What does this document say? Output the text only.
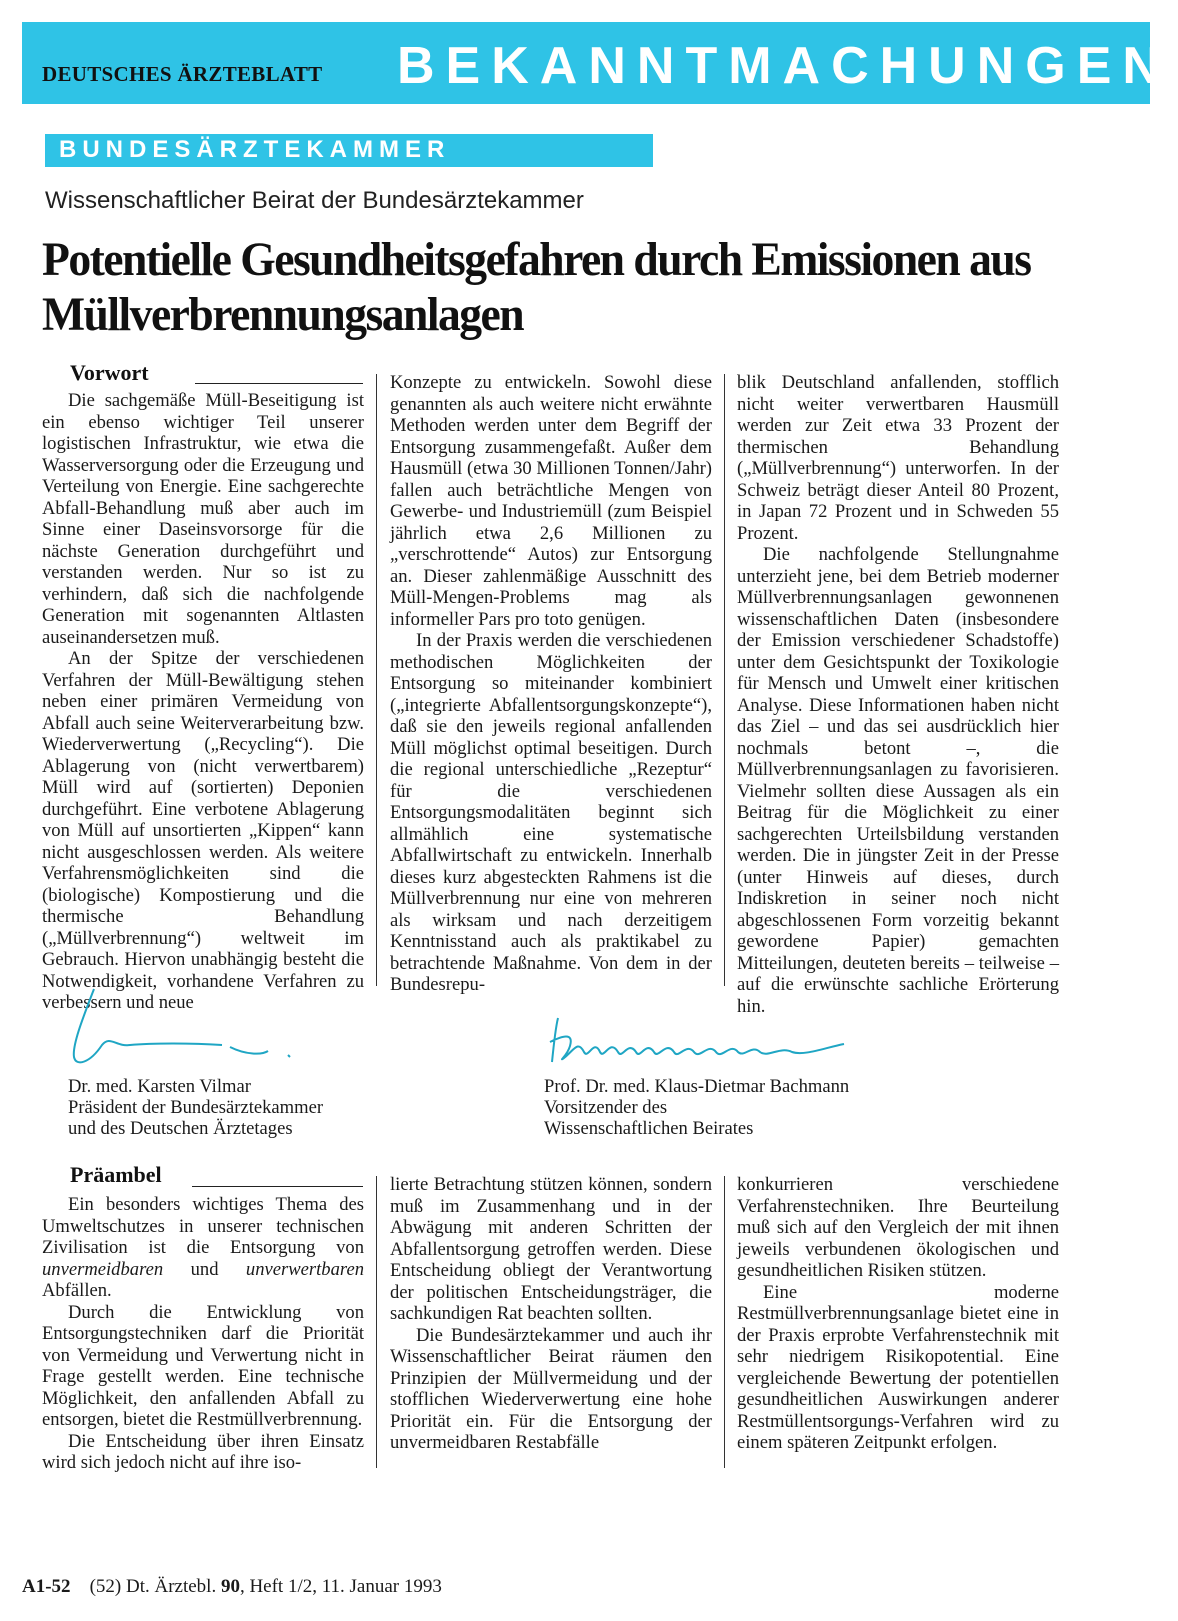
DEUTSCHES ÄRZTEBLATT BEKANNTMACHUNGEN
BUNDESÄRZTEKAMMER
Wissenschaftlicher Beirat der Bundesärztekammer
Potentielle Gesundheitsgefahren durch Emissionen aus Müllverbrennungsanlagen
Vorwort

Die sachgemäße Müll-Beseitigung ist ein ebenso wichtiger Teil unserer logistischen Infrastruktur, wie etwa die Wasserversorgung oder die Erzeugung und Verteilung von Energie. Eine sachgerechte Abfall-Behandlung muß aber auch im Sinne einer Daseinsvorsorge für die nächste Generation durchgeführt und verstanden werden. Nur so ist zu verhindern, daß sich die nachfolgende Generation mit sogenannten Altlasten auseinandersetzen muß.

An der Spitze der verschiedenen Verfahren der Müll-Bewältigung stehen neben einer primären Vermeidung von Abfall auch seine Weiterverarbeitung bzw. Wiederverwertung („Recycling“). Die Ablagerung von (nicht verwertbarem) Müll wird auf (sortierten) Deponien durchgeführt. Eine verbotene Ablagerung von Müll auf unsortierten „Kippen“ kann nicht ausgeschlossen werden. Als weitere Verfahrensmöglichkeiten sind die (biologische) Kompostierung und die thermische Behandlung („Müllverbrennung“) weltweit im Gebrauch. Hiervon unabhängig besteht die Notwendigkeit, vorhandene Verfahren zu verbessern und neue

Konzepte zu entwickeln. Sowohl diese genannten als auch weitere nicht erwähnte Methoden werden unter dem Begriff der Entsorgung zusammengefaßt. Außer dem Hausmüll (etwa 30 Millionen Tonnen/Jahr) fallen auch beträchtliche Mengen von Gewerbe- und Industriemüll (zum Beispiel jährlich etwa 2,6 Millionen zu „verschrottende“ Autos) zur Entsorgung an. Dieser zahlenmäßige Ausschnitt des Müll-Mengen-Problems mag als informeller Pars pro toto genügen.

In der Praxis werden die verschiedenen methodischen Möglichkeiten der Entsorgung so miteinander kombiniert („integrierte Abfallentsorgungskonzepte“), daß sie den jeweils regional anfallenden Müll möglichst optimal beseitigen. Durch die regional unterschiedliche „Rezeptur“ für die verschiedenen Entsorgungsmodalitäten beginnt sich allmählich eine systematische Abfallwirtschaft zu entwickeln. Innerhalb dieses kurz abgesteckten Rahmens ist die Müllverbrennung nur eine von mehreren als wirksam und nach derzeitigem Kenntnisstand auch als praktikabel zu betrachtende Maßnahme. Von dem in der Bundesrepu-

blik Deutschland anfallenden, stofflich nicht weiter verwertbaren Hausmüll werden zur Zeit etwa 33 Prozent der thermischen Behandlung („Müllverbrennung“) unterworfen. In der Schweiz beträgt dieser Anteil 80 Prozent, in Japan 72 Prozent und in Schweden 55 Prozent.

Die nachfolgende Stellungnahme unterzieht jene, bei dem Betrieb moderner Müllverbrennungsanlagen gewonnenen wissenschaftlichen Daten (insbesondere der Emission verschiedener Schadstoffe) unter dem Gesichtspunkt der Toxikologie für Mensch und Umwelt einer kritischen Analyse. Diese Informationen haben nicht das Ziel – und das sei ausdrücklich hier nochmals betont –, die Müllverbrennungsanlagen zu favorisieren. Vielmehr sollten diese Aussagen als ein Beitrag für die Möglichkeit zu einer sachgerechten Urteilsbildung verstanden werden. Die in jüngster Zeit in der Presse (unter Hinweis auf dieses, durch Indiskretion in seiner noch nicht abgeschlossenen Form vorzeitig bekannt gewordene Papier) gemachten Mitteilungen, deuteten bereits – teilweise – auf die erwünschte sachliche Erörterung hin.

Dr. med. Karsten Vilmar
Präsident der Bundesärztekammer
und des Deutschen Ärztetages
Prof. Dr. med. Klaus-Dietmar Bachmann
Vorsitzender des
Wissenschaftlichen Beirates
Präambel

Ein besonders wichtiges Thema des Umweltschutzes in unserer technischen Zivilisation ist die Entsorgung von unvermeidbaren und unverwertbaren Abfällen.

Durch die Entwicklung von Entsorgungstechniken darf die Priorität von Vermeidung und Verwertung nicht in Frage gestellt werden. Eine technische Möglichkeit, den anfallenden Abfall zu entsorgen, bietet die Restmüllverbrennung.

Die Entscheidung über ihren Einsatz wird sich jedoch nicht auf ihre iso-

lierte Betrachtung stützen können, sondern muß im Zusammenhang und in der Abwägung mit anderen Schritten der Abfallentsorgung getroffen werden. Diese Entscheidung obliegt der Verantwortung der politischen Entscheidungsträger, die sachkundigen Rat beachten sollten.

Die Bundesärztekammer und auch ihr Wissenschaftlicher Beirat räumen den Prinzipien der Müllvermeidung und der stofflichen Wiederverwertung eine hohe Priorität ein. Für die Entsorgung der unvermeidbaren Restabfälle

konkurrieren verschiedene Verfahrenstechniken. Ihre Beurteilung muß sich auf den Vergleich der mit ihnen jeweils verbundenen ökologischen und gesundheitlichen Risiken stützen.

Eine moderne Restmüllverbrennungsanlage bietet eine in der Praxis erprobte Verfahrenstechnik mit sehr niedrigem Risikopotential. Eine vergleichende Bewertung der potentiellen gesundheitlichen Auswirkungen anderer Restmüllentsorgungs-Verfahren wird zu einem späteren Zeitpunkt erfolgen.

A1-52 (52) Dt. Ärztebl. 90, Heft 1/2, 11. Januar 1993
